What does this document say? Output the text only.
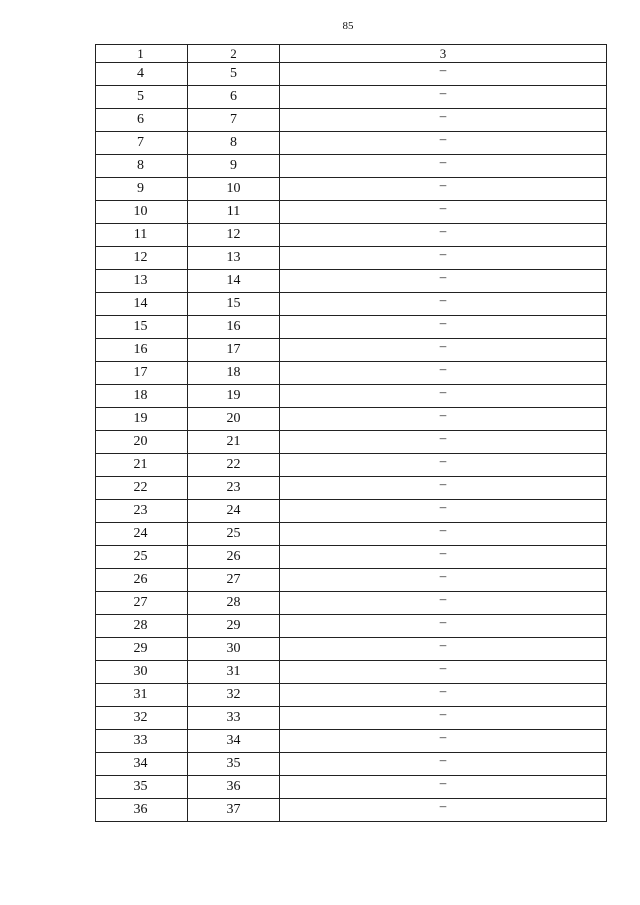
85
1	2	3
4	5	–
5	6	–
6	7	–
7	8	–
8	9	–
9	10	–
10	11	–
11	12	–
12	13	–
13	14	–
14	15	–
15	16	–
16	17	–
17	18	–
18	19	–
19	20	–
20	21	–
21	22	–
22	23	–
23	24	–
24	25	–
25	26	–
26	27	–
27	28	–
28	29	–
29	30	–
30	31	–
31	32	–
32	33	–
33	34	–
34	35	–
35	36	–
36	37	–
